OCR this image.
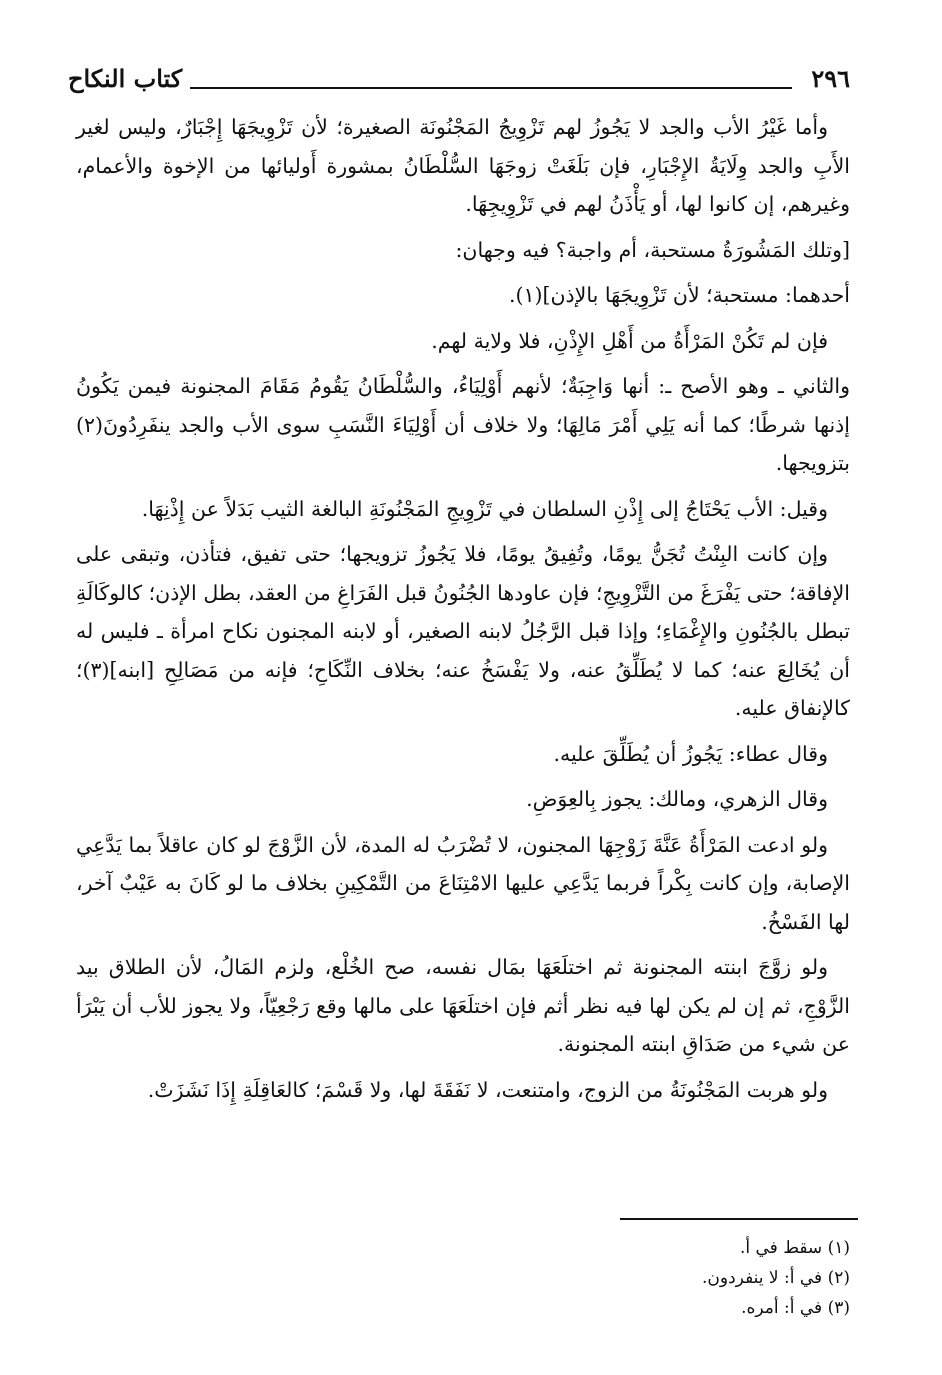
٢٩٦
كتاب النكاح

وأما غَيْرُ الأب والجد لا يَجُوزُ لهم تَزْوِيجُ المَجْنُونَة الصغيرة؛ لأن تَزْوِيجَهَا إِجْبَارٌ، وليس لغير الأَبِ والجد وِلَايَةُ الإِجْبَارِ، فإن بَلَغَتْ زوجَهَا السُّلْطَانُ بمشورة أَوليائها من الإخوة والأعمام، وغيرهم، إن كانوا لها، أو يَأْذَنُ لهم في تَزْوِيجِهَا.

[وتلك المَشُورَةُ مستحبة، أم واجبة؟ فيه وجهان:

أحدهما: مستحبة؛ لأن تَزْوِيجَهَا بالإذن](١).

فإن لم تَكُنْ المَرْأَةُ من أَهْلِ الإِذْنِ، فلا ولاية لهم.

والثاني ـ وهو الأصح ـ: أنها وَاجِبَةٌ؛ لأنهم أَوْلِيَاءُ، والسُّلْطَانُ يَقُومُ مَقَامَ المجنونة فيمن يَكُونُ إذنها شرطًا؛ كما أنه يَلِي أَمْرَ مَالِهَا؛ ولا خلاف أن أَوْلِيَاءَ النَّسَبِ سوى الأب والجد ينفَرِدُونَ(٢) بتزويجها.

وقيل: الأب يَحْتَاجُ إلى إِذْنِ السلطان في تَزْوِيجِ المَجْنُونَةِ البالغة الثيب بَدَلاً عن إِذْنِهَا.

وإن كانت البِنْتُ تُجَنُّ يومًا، وتُفِيقُ يومًا، فلا يَجُوزُ تزويجها؛ حتى تفيق، فتأذن، وتبقى على الإفاقة؛ حتى يَفْرَغَ من التَّزْوِيجِ؛ فإن عاودها الجُنُونُ قبل الفَرَاغِ من العقد، بطل الإذن؛ كالوكَالَةِ تبطل بالجُنُونِ والإِغْمَاءِ؛ وإذا قبل الرَّجُلُ لابنه الصغير، أو لابنه المجنون نكاح امرأة ـ فليس له أن يُخَالِعَ عنه؛ كما لا يُطَلِّقُ عنه، ولا يَفْسَخُ عنه؛ بخلاف النِّكَاحِ؛ فإنه من مَصَالِحِ [ابنه](٣)؛ كالإنفاق عليه.

وقال عطاء: يَجُوزُ أن يُطَلِّقَ عليه.

وقال الزهري، ومالك: يجوز بِالعِوَضِ.

ولو ادعت المَرْأَةُ عَنَّةَ زَوْجِهَا المجنون، لا تُضْرَبُ له المدة، لأن الزَّوْجَ لو كان عاقلاً بما يَدَّعِي الإصابة، وإن كانت بِكْراً فربما يَدَّعِي عليها الامْتِنَاعَ من التَّمْكِينِ بخلاف ما لو كَانَ به عَيْبٌ آخر، لها الفَسْخُ.

ولو زوَّجَ ابنته المجنونة ثم اختلَعَهَا بمَال نفسه، صح الخُلْع، ولزم المَالُ، لأن الطلاق بيد الزَّوْجِ، ثم إن لم يكن لها فيه نظر أثم فإن اختلَعَهَا على مالها وقع رَجْعِيّاً، ولا يجوز للأب أن يَبْرَأ عن شيء من صَدَاقِ ابنته المجنونة.

ولو هربت المَجْنُونَةُ من الزوج، وامتنعت، لا نَفَقَةَ لها، ولا قَسْمَ؛ كالعَاقِلَةِ إِذَا نَشَزَتْ.

(١) سقط في أ.
(٢) في أ: لا ينفردون.
(٣) في أ: أمره.
